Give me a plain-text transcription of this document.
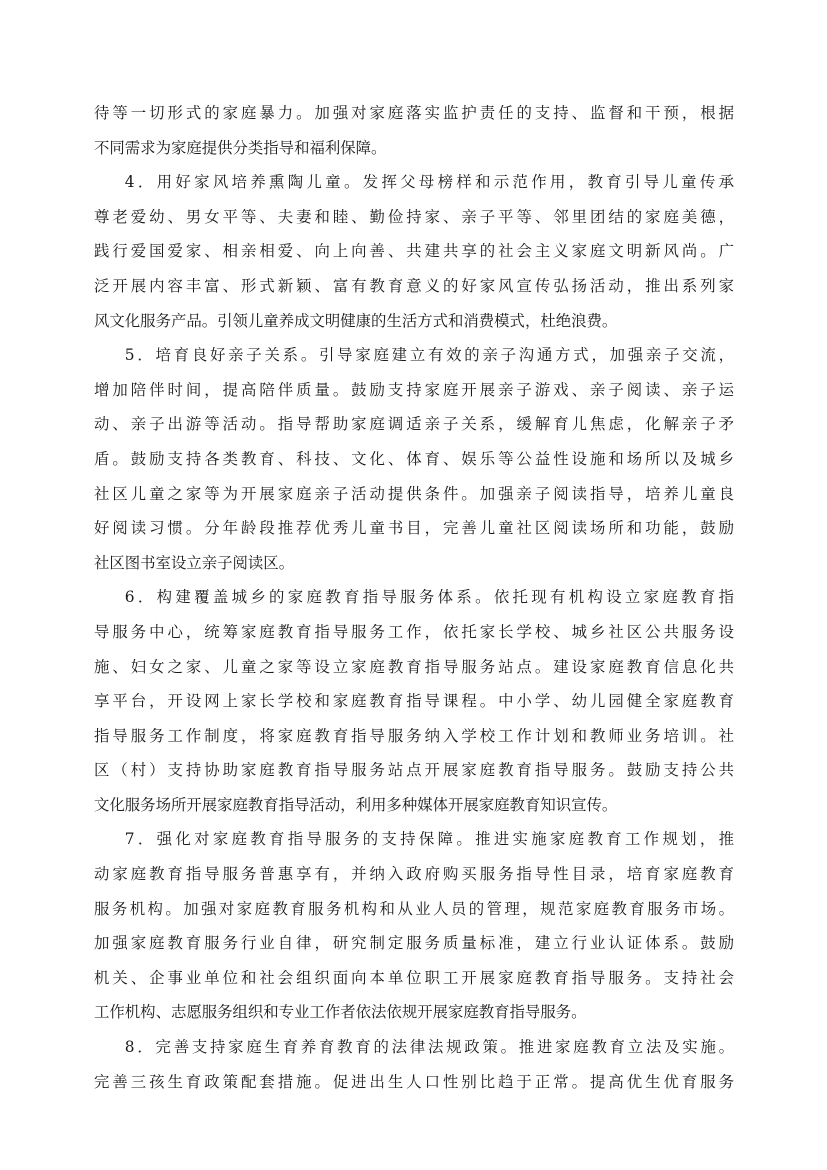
待等一切形式的家庭暴力。加强对家庭落实监护责任的支持、监督和干预，根据
不同需求为家庭提供分类指导和福利保障。
4．用好家风培养熏陶儿童。发挥父母榜样和示范作用，教育引导儿童传承
尊老爱幼、男女平等、夫妻和睦、勤俭持家、亲子平等、邻里团结的家庭美德，
践行爱国爱家、相亲相爱、向上向善、共建共享的社会主义家庭文明新风尚。广
泛开展内容丰富、形式新颖、富有教育意义的好家风宣传弘扬活动，推出系列家
风文化服务产品。引领儿童养成文明健康的生活方式和消费模式，杜绝浪费。
5．培育良好亲子关系。引导家庭建立有效的亲子沟通方式，加强亲子交流，
增加陪伴时间，提高陪伴质量。鼓励支持家庭开展亲子游戏、亲子阅读、亲子运
动、亲子出游等活动。指导帮助家庭调适亲子关系，缓解育儿焦虑，化解亲子矛
盾。鼓励支持各类教育、科技、文化、体育、娱乐等公益性设施和场所以及城乡
社区儿童之家等为开展家庭亲子活动提供条件。加强亲子阅读指导，培养儿童良
好阅读习惯。分年龄段推荐优秀儿童书目，完善儿童社区阅读场所和功能，鼓励
社区图书室设立亲子阅读区。
6．构建覆盖城乡的家庭教育指导服务体系。依托现有机构设立家庭教育指
导服务中心，统筹家庭教育指导服务工作，依托家长学校、城乡社区公共服务设
施、妇女之家、儿童之家等设立家庭教育指导服务站点。建设家庭教育信息化共
享平台，开设网上家长学校和家庭教育指导课程。中小学、幼儿园健全家庭教育
指导服务工作制度，将家庭教育指导服务纳入学校工作计划和教师业务培训。社
区（村）支持协助家庭教育指导服务站点开展家庭教育指导服务。鼓励支持公共
文化服务场所开展家庭教育指导活动，利用多种媒体开展家庭教育知识宣传。
7．强化对家庭教育指导服务的支持保障。推进实施家庭教育工作规划，推
动家庭教育指导服务普惠享有，并纳入政府购买服务指导性目录，培育家庭教育
服务机构。加强对家庭教育服务机构和从业人员的管理，规范家庭教育服务市场。
加强家庭教育服务行业自律，研究制定服务质量标准，建立行业认证体系。鼓励
机关、企事业单位和社会组织面向本单位职工开展家庭教育指导服务。支持社会
工作机构、志愿服务组织和专业工作者依法依规开展家庭教育指导服务。
8．完善支持家庭生育养育教育的法律法规政策。推进家庭教育立法及实施。
完善三孩生育政策配套措施。促进出生人口性别比趋于正常。提高优生优育服务
